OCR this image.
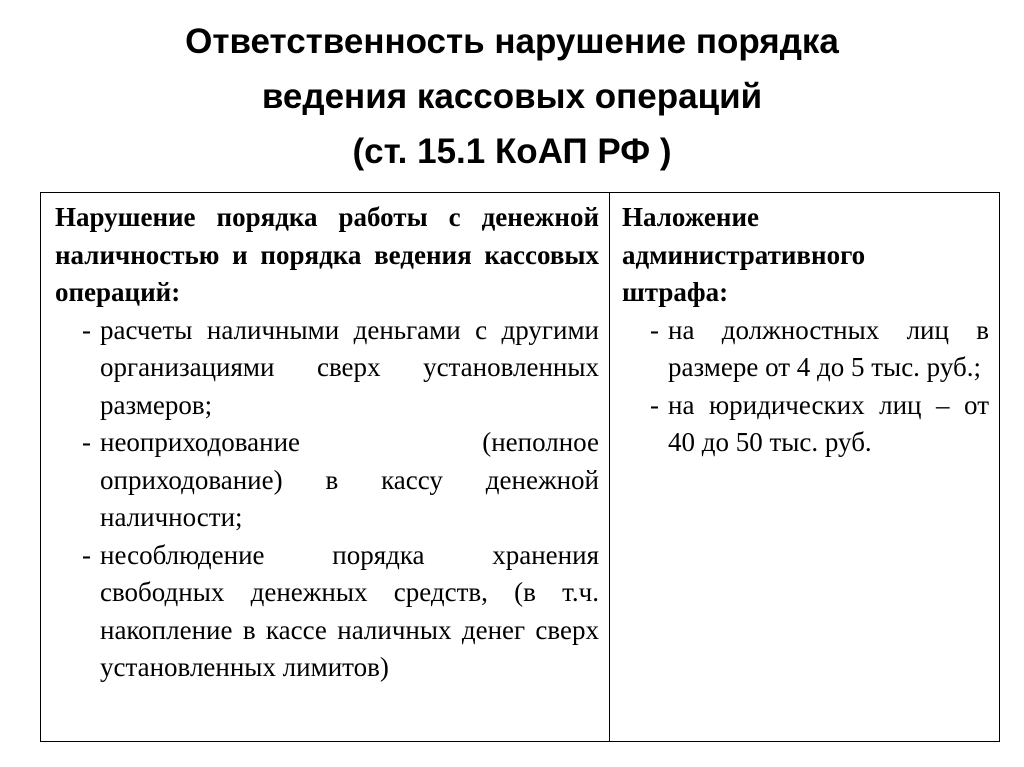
Ответственность нарушение порядка
ведения кассовых операций
(ст. 15.1 КоАП РФ )
Нарушение порядка работы с денежной наличностью и порядка ведения кассовых операций:
- расчеты наличными деньгами с другими организациями сверх установленных размеров;
- неоприходование (неполное оприходование) в кассу денежной наличности;
- несоблюдение порядка хранения свободных денежных средств, (в т.ч. накопление в кассе наличных денег сверх установленных лимитов)
Наложение
административного
штрафа:
- на должностных лиц в размере от 4 до 5 тыс. руб.;
- на юридических лиц – от 40 до 50 тыс. руб.
